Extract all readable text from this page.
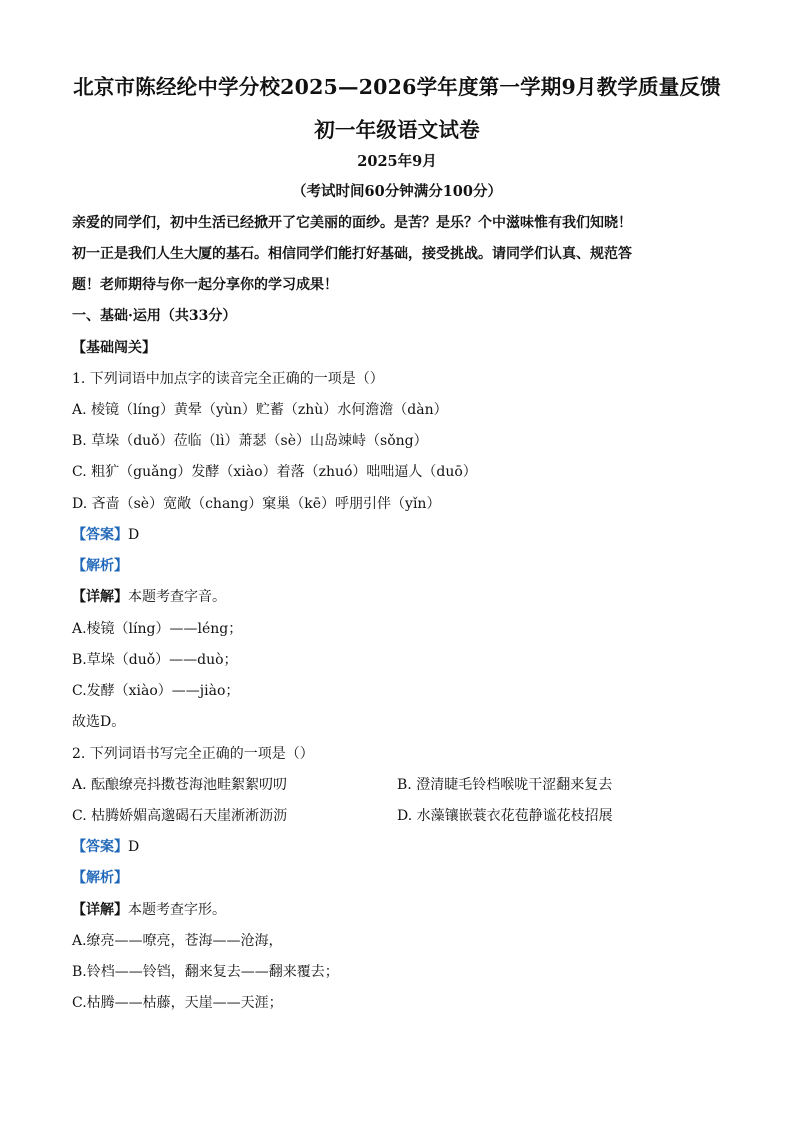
北京市陈经纶中学分校2025—2026学年度第一学期9月教学质量反馈
初一年级语文试卷
2025年9月
（考试时间60分钟满分100分）
亲爱的同学们，初中生活已经掀开了它美丽的面纱。是苦？是乐？个中滋味惟有我们知晓！
初一正是我们人生大厦的基石。相信同学们能打好基础，接受挑战。请同学们认真、规范答
题！老师期待与你一起分享你的学习成果！
一、基础·运用（共33分）
【基础闯关】
1. 下列词语中加点字的读音完全正确的一项是（）
A. 棱镜（líng）黄晕（yùn）贮蓄（zhù）水何澹澹（dàn）
B. 草垛（duǒ）莅临（lì）萧瑟（sè）山岛竦峙（sǒng）
C. 粗犷（guǎng）发酵（xiào）着落（zhuó）咄咄逼人（duō）
D. 吝啬（sè）宽敞（chang）窠巢（kē）呼朋引伴（yǐn）
【答案】D
【解析】
【详解】本题考查字音。
A.棱镜（líng）——léng；
B.草垛（duǒ）——duò；
C.发酵（xiào）——jiào；
故选D。
2. 下列词语书写完全正确的一项是（）
A. 酝酿缭亮抖擞苍海池畦絮絮叨叨	B. 澄清睫毛铃档喉咙干涩翻来复去
C. 枯腾娇媚高邈碣石天崖淅淅沥沥	D. 水藻镶嵌蓑衣花苞静谧花枝招展
【答案】D
【解析】
【详解】本题考查字形。
A.缭亮——嘹亮，苍海——沧海，
B.铃档——铃铛，翻来复去——翻来覆去；
C.枯腾——枯藤，天崖——天涯；
